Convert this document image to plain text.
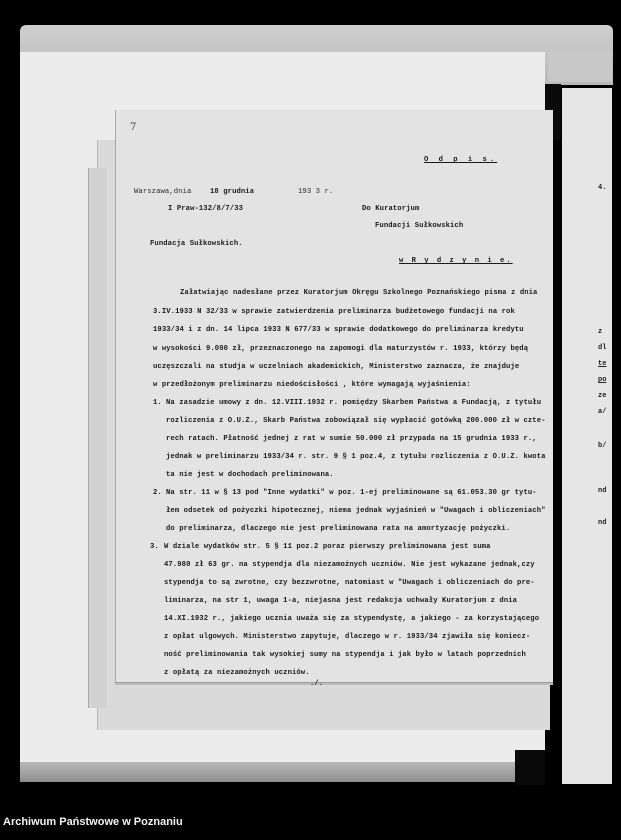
4.
z
dl
te
po
ze
a/
b/
nd
nd
7
O d p i s.
Warszawa,dnia	18 grudnia	193 3 r.
I Praw-132/8/7/33	Do Kuratorjum
Fundacji Sułkowskich
Fundacja Sułkowskich.
w R y d z y n i e.
Załatwiając nadesłane przez Kuratorjum Okręgu Szkolnego Poznańskiego pisma z dnia
3.IV.1933 N 32/33 w sprawie zatwierdzenia preliminarza budżetowego fundacji na rok
1933/34 i z dn. 14 lipca 1933 N 677/33 w sprawie dodatkowego do preliminarza kredytu
w wysokości 9.000 zł, przeznaczonego na zapomogi dla maturzystów r. 1933, którzy będą
uczęszczali na studja w uczelniach akademickich, Ministerstwo zaznacza, że znajduje
w przedłożonym preliminarzu niedościsłości , które wymagają wyjaśnienia:
1. Na zasadzie umowy z dn. 12.VIII.1932 r. pomiędzy Skarbem Państwa a Fundacją, z tytułu
rozliczenia z O.U.Z., Skarb Państwa zobowiązał się wypłacić gotówką 200.000 zł w czte-
rech ratach. Płatność jednej z rat w sumie 50.000 zł przypada na 15 grudnia 1933 r.,
jednak w preliminarzu 1933/34 r. str. 9 § 1 poz.4, z tytułu rozliczenia z O.U.Z. kwota
ta nie jest w dochodach preliminowana.
2. Na str. 11 w § 13 pod "Inne wydatki" w poz. 1-ej preliminowane są 61.053.30 gr tytu-
łem odsetek od pożyczki hipotecznej, niema jednak wyjaśnień w "Uwagach i obliczeniach"
do preliminarza, dlaczego nie jest preliminowana rata na amortyzację pożyczki.
3. W dziale wydatków str. 5 § 11 poz.2 poraz pierwszy preliminowana jest suma
47.980 zł 63 gr. na stypendja dla niezamożnych uczniów. Nie jest wykazane jednak,czy
stypendja to są zwrotne, czy bezzwrotne, natomiast w "Uwagach i obliczeniach do pre-
liminarza, na str 1, uwaga 1-a, niejasna jest redakcja uchwały Kuratorjum z dnia
14.XI.1932 r., jakiego ucznia uważa się za stypendystę, a jakiego - za korzystającego
z opłat ulgowych. Ministerstwo zapytuje, dlaczego w r. 1933/34 zjawiła się koniecz-
ność preliminowania tak wysokiej sumy na stypendja i jak było w latach poprzednich
z opłatą za niezamożnych uczniów.
./.
Archiwum Państwowe w Poznaniu
